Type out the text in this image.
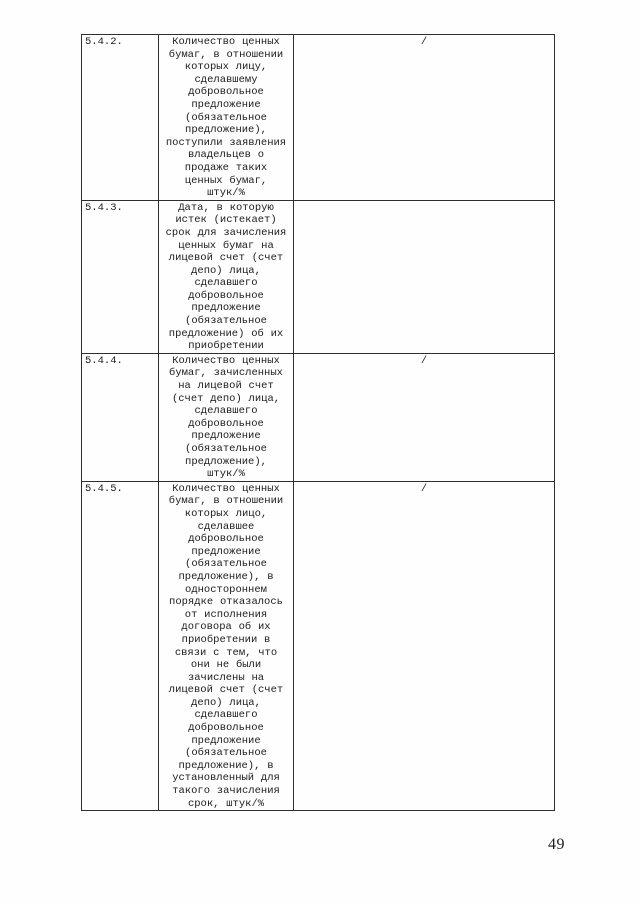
5.4.2.	Количество ценных бумаг, в отношении которых лицу, сделавшему добровольное предложение (обязательное предложение), поступили заявления владельцев о продаже таких ценных бумаг, штук/%	/
5.4.3.	Дата, в которую истек (истекает) срок для зачисления ценных бумаг на лицевой счет (счет депо) лица, сделавшего добровольное предложение (обязательное предложение) об их приобретении	
5.4.4.	Количество ценных бумаг, зачисленных на лицевой счет (счет депо) лица, сделавшего добровольное предложение (обязательное предложение), штук/%	/
5.4.5.	Количество ценных бумаг, в отношении которых лицо, сделавшее добровольное предложение (обязательное предложение), в одностороннем порядке отказалось от исполнения договора об их приобретении в связи с тем, что они не были зачислены на лицевой счет (счет депо) лица, сделавшего добровольное предложение (обязательное предложение), в установленный для такого зачисления срок, штук/%	/
49
